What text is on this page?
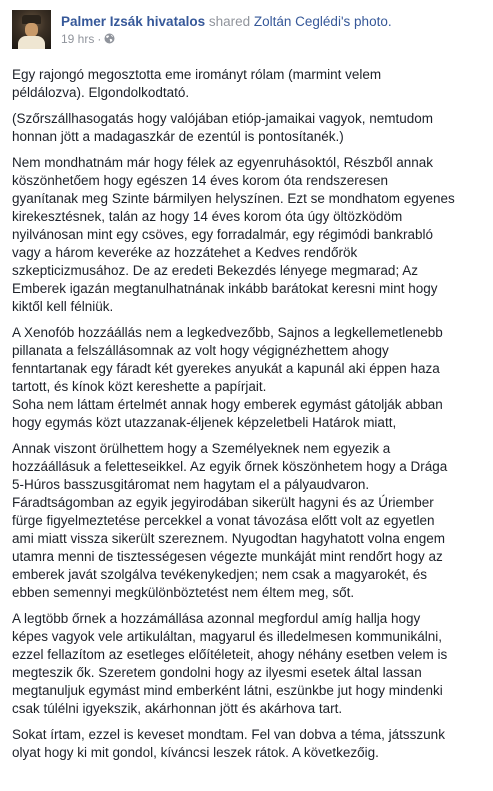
Palmer Izsák hivatalos shared Zoltán Ceglédi's photo.
19 hrs ·

Egy rajongó megosztotta eme irományt rólam (marmint velem
példálozva). Elgondolkodtató.

(Szőrszállhasogatás hogy valójában etióp-jamaikai vagyok, nemtudom
honnan jött a madagaszkár de ezentúl is pontosítanék.)

Nem mondhatnám már hogy félek az egyenruhásoktól, Részből annak
köszönhetőem hogy egészen 14 éves korom óta rendszeresen
gyanítanak meg Szinte bármilyen helyszínen. Ezt se mondhatom egyenes
kirekesztésnek, talán az hogy 14 éves korom óta úgy öltözködöm
nyilvánosan mint egy csöves, egy forradalmár, egy régimódi bankrabló
vagy a három keveréke az hozzátehet a Kedves rendőrök
szkepticizmusához. De az eredeti Bekezdés lényege megmarad; Az
Emberek igazán megtanulhatnának inkább barátokat keresni mint hogy
kiktől kell félniük.

A Xenofób hozzáállás nem a legkedvezőbb, Sajnos a legkellemetlenebb
pillanata a felszállásomnak az volt hogy végignézhettem ahogy
fenntartanak egy fáradt két gyerekes anyukát a kapunál aki éppen haza
tartott, és kínok közt kereshette a papírjait.
Soha nem láttam értelmét annak hogy emberek egymást gátolják abban
hogy egymás közt utazzanak-éljenek képzeletbeli Határok miatt,

Annak viszont örülhettem hogy a Személyeknek nem egyezik a
hozzáállásuk a feletteseikkel. Az egyik őrnek köszönhetem hogy a Drága
5-Húros basszusgitáromat nem hagytam el a pályaudvaron.
Fáradtságomban az egyik jegyirodában sikerült hagyni és az Úriember
fürge figyelmeztetése percekkel a vonat távozása előtt volt az egyetlen
ami miatt vissza sikerült szereznem. Nyugodtan hagyhatott volna engem
utamra menni de tisztességesen végezte munkáját mint rendőrt hogy az
emberek javát szolgálva tevékenykedjen; nem csak a magyarokét, és
ebben semennyi megkülönböztetést nem éltem meg, sőt.

A legtöbb őrnek a hozzámállása azonnal megfordul amíg hallja hogy
képes vagyok vele artikuláltan, magyarul és illedelmesen kommunikálni,
ezzel fellazítom az esetleges előítéleteit, ahogy néhány esetben velem is
megteszik ők. Szeretem gondolni hogy az ilyesmi esetek által lassan
megtanuljuk egymást mind emberként látni, eszünkbe jut hogy mindenki
csak túlélni igyekszik, akárhonnan jött és akárhova tart.

Sokat írtam, ezzel is keveset mondtam. Fel van dobva a téma, játsszunk
olyat hogy ki mit gondol, kíváncsi leszek rátok. A következőig.
